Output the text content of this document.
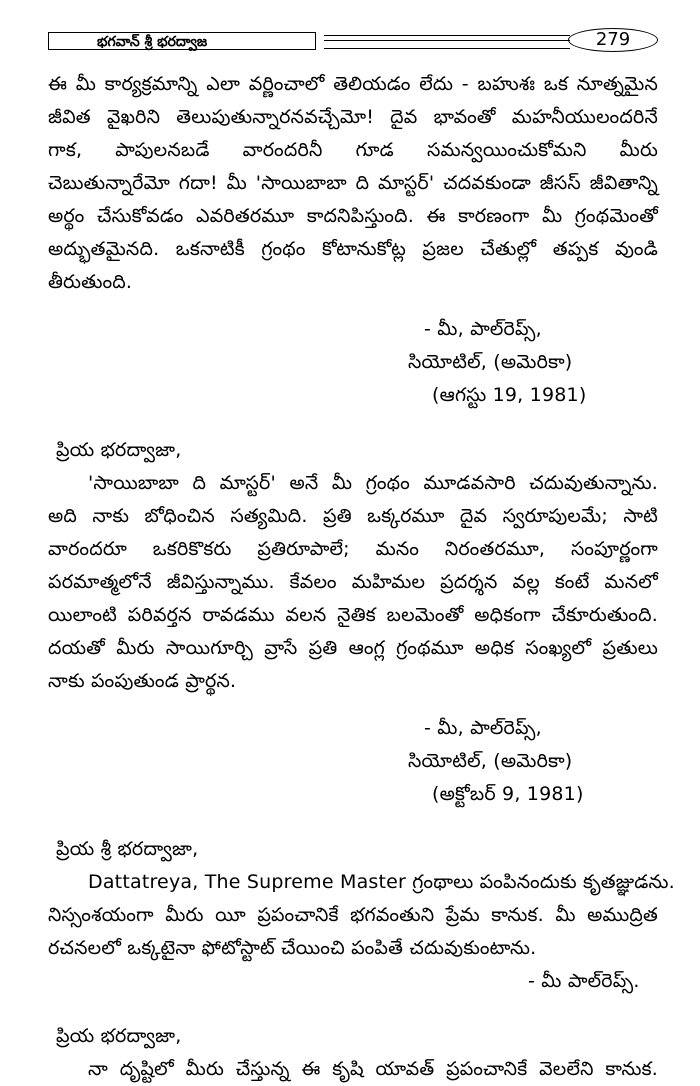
భగవాన్ శ్రీ భరద్వాజ	279
ఈ మీ కార్యక్రమాన్ని ఎలా వర్ణించాలో తెలియడం లేదు - బహుశః ఒక నూత్నమైన
జీవిత వైఖరిని తెలుపుతున్నారనవచ్చేమో! దైవ భావంతో మహనీయులందరినే
గాక, పాపులనబడే వారందరినీ గూడ సమన్వయించుకోమని మీరు
చెబుతున్నారేమో గదా! మీ 'సాయిబాబా ది మాస్టర్' చదవకుండా జీసస్ జీవితాన్ని
అర్థం చేసుకోవడం ఎవరితరమూ కాదనిపిస్తుంది. ఈ కారణంగా మీ గ్రంథమెంతో
అద్భుతమైనది. ఒకనాటికీ గ్రంథం కోటానుకోట్ల ప్రజల చేతుల్లో తప్పక వుండి
తీరుతుంది.
- మీ, పాల్‌రెప్స్,
సియోటిల్, (అమెరికా)
(ఆగస్టు 19, 1981)
ప్రియ భరద్వాజా,
'సాయిబాబా ది మాస్టర్' అనే మీ గ్రంథం మూడవసారి చదువుతున్నాను.
అది నాకు బోధించిన సత్యమిది. ప్రతి ఒక్కరమూ దైవ స్వరూపులమే; సాటి
వారందరూ ఒకరికొకరు ప్రతిరూపాలే; మనం నిరంతరమూ, సంపూర్ణంగా
పరమాత్మలోనే జీవిస్తున్నాము. కేవలం మహిమల ప్రదర్శన వల్ల కంటే మనలో
యిలాంటి పరివర్తన రావడము వలన నైతిక బలమెంతో అధికంగా చేకూరుతుంది.
దయతో మీరు సాయిగూర్చి వ్రాసే ప్రతి ఆంగ్ల గ్రంథమూ అధిక సంఖ్యలో ప్రతులు
నాకు పంపుతుండ ప్రార్థన.
- మీ, పాల్‌రెప్స్,
సియోటిల్, (అమెరికా)
(అక్టోబర్ 9, 1981)
ప్రియ శ్రీ భరద్వాజా,
Dattatreya, The Supreme Master గ్రంథాలు పంపినందుకు కృతజ్ఞుడను.
నిస్సంశయంగా మీరు యీ ప్రపంచానికే భగవంతుని ప్రేమ కానుక. మీ అముద్రిత
రచనలలో ఒక్కటైనా ఫోటోస్టాట్ చేయించి పంపితే చదువుకుంటాను.
- మీ పాల్‌రెప్స్.
ప్రియ భరద్వాజా,
నా దృష్టిలో మీరు చేస్తున్న ఈ కృషి యావత్ ప్రపంచానికే వెలలేని కానుక.
